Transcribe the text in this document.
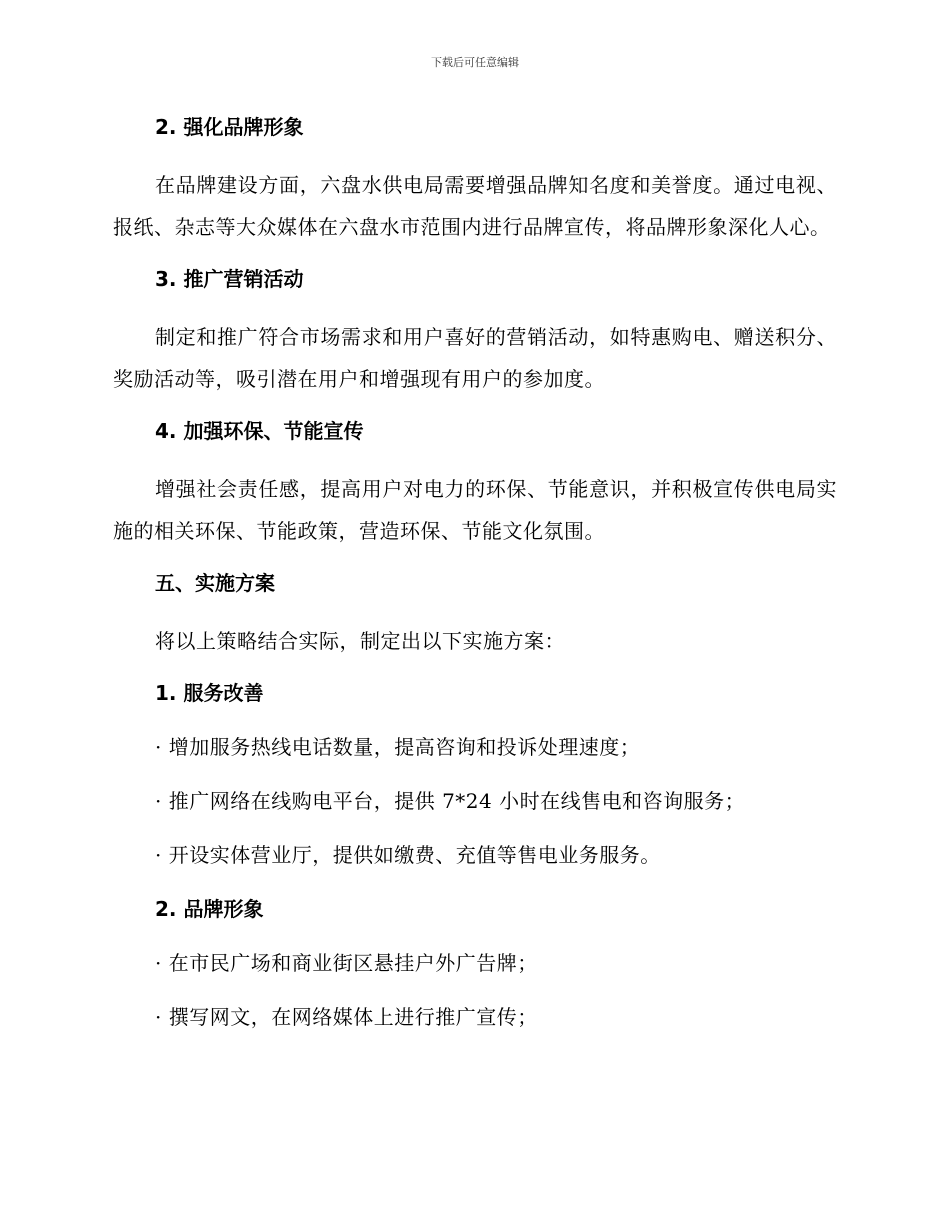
下载后可任意编辑
2. 强化品牌形象
在品牌建设方面，六盘水供电局需要增强品牌知名度和美誉度。通过电视、报纸、杂志等大众媒体在六盘水市范围内进行品牌宣传，将品牌形象深化人心。
3. 推广营销活动
制定和推广符合市场需求和用户喜好的营销活动，如特惠购电、赠送积分、奖励活动等，吸引潜在用户和增强现有用户的参加度。
4. 加强环保、节能宣传
增强社会责任感，提高用户对电力的环保、节能意识，并积极宣传供电局实施的相关环保、节能政策，营造环保、节能文化氛围。
五、实施方案
将以上策略结合实际，制定出以下实施方案：
1. 服务改善
· 增加服务热线电话数量，提高咨询和投诉处理速度；
· 推广网络在线购电平台，提供 7*24 小时在线售电和咨询服务；
· 开设实体营业厅，提供如缴费、充值等售电业务服务。
2. 品牌形象
· 在市民广场和商业街区悬挂户外广告牌；
· 撰写网文，在网络媒体上进行推广宣传；
